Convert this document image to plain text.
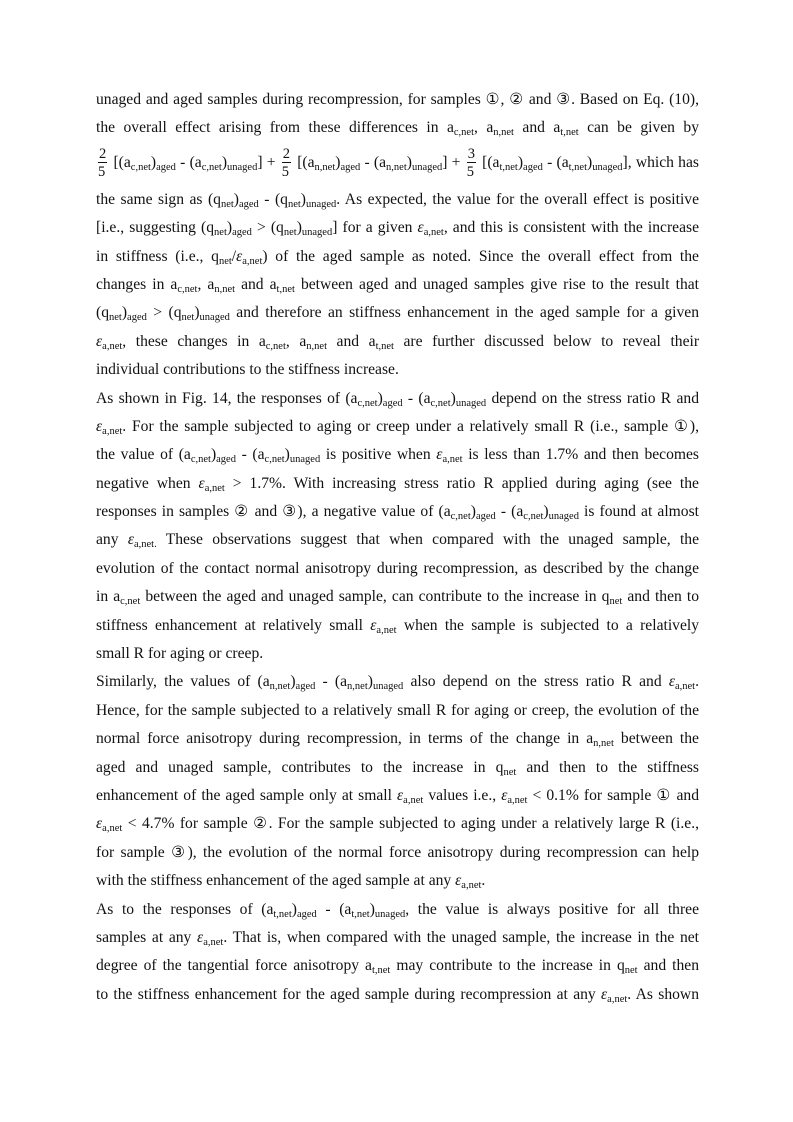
unaged and aged samples during recompression, for samples ①, ② and ③. Based on Eq. (10),
the overall effect arising from these differences in $a_{c,net}$, $a_{n,net}$ and $a_{t,net}$ can be given by
$\frac{2}{5} [(a_{c,net})_{aged} - (a_{c,net})_{unaged}] + \frac{2}{5} [(a_{n,net})_{aged} - (a_{n,net})_{unaged}] + \frac{3}{5} [(a_{t,net})_{aged} - (a_{t,net})_{unaged}]$, which has
the same sign as $(q_{net})_{aged} - (q_{net})_{unaged}$. As expected, the value for the overall effect is positive
[i.e., suggesting $(q_{net})_{aged} > (q_{net})_{unaged}$] for a given $\varepsilon_{a,net}$, and this is consistent with the increase
in stiffness (i.e., $q_{net}/\varepsilon_{a,net}$) of the aged sample as noted. Since the overall effect from the
changes in $a_{c,net}$, $a_{n,net}$ and $a_{t,net}$ between aged and unaged samples give rise to the result that
$(q_{net})_{aged} > (q_{net})_{unaged}$ and therefore an stiffness enhancement in the aged sample for a given
$\varepsilon_{a,net}$, these changes in $a_{c,net}$, $a_{n,net}$ and $a_{t,net}$ are further discussed below to reveal their
individual contributions to the stiffness increase.
As shown in Fig. 14, the responses of $(a_{c,net})_{aged} - (a_{c,net})_{unaged}$ depend on the stress ratio R and
$\varepsilon_{a,net}$. For the sample subjected to aging or creep under a relatively small R (i.e., sample ①),
the value of $(a_{c,net})_{aged} - (a_{c,net})_{unaged}$ is positive when $\varepsilon_{a,net}$ is less than 1.7% and then becomes
negative when $\varepsilon_{a,net} > 1.7\%$. With increasing stress ratio R applied during aging (see the
responses in samples ② and ③), a negative value of $(a_{c,net})_{aged} - (a_{c,net})_{unaged}$ is found at almost
any $\varepsilon_{a,net.}$ These observations suggest that when compared with the unaged sample, the
evolution of the contact normal anisotropy during recompression, as described by the change
in $a_{c,net}$ between the aged and unaged sample, can contribute to the increase in $q_{net}$ and then to
stiffness enhancement at relatively small $\varepsilon_{a,net}$ when the sample is subjected to a relatively
small R for aging or creep.
Similarly, the values of $(a_{n,net})_{aged} - (a_{n,net})_{unaged}$ also depend on the stress ratio R and $\varepsilon_{a,net}$.
Hence, for the sample subjected to a relatively small R for aging or creep, the evolution of the
normal force anisotropy during recompression, in terms of the change in $a_{n,net}$ between the
aged and unaged sample, contributes to the increase in $q_{net}$ and then to the stiffness
enhancement of the aged sample only at small $\varepsilon_{a,net}$ values i.e., $\varepsilon_{a,net} < 0.1\%$ for sample ① and
$\varepsilon_{a,net} < 4.7\%$ for sample ②. For the sample subjected to aging under a relatively large R (i.e.,
for sample ③), the evolution of the normal force anisotropy during recompression can help
with the stiffness enhancement of the aged sample at any $\varepsilon_{a,net}$.
As to the responses of $(a_{t,net})_{aged} - (a_{t,net})_{unaged}$, the value is always positive for all three
samples at any $\varepsilon_{a,net}$. That is, when compared with the unaged sample, the increase in the net
degree of the tangential force anisotropy $a_{t,net}$ may contribute to the increase in $q_{net}$ and then
to the stiffness enhancement for the aged sample during recompression at any $\varepsilon_{a,net}$. As shown
